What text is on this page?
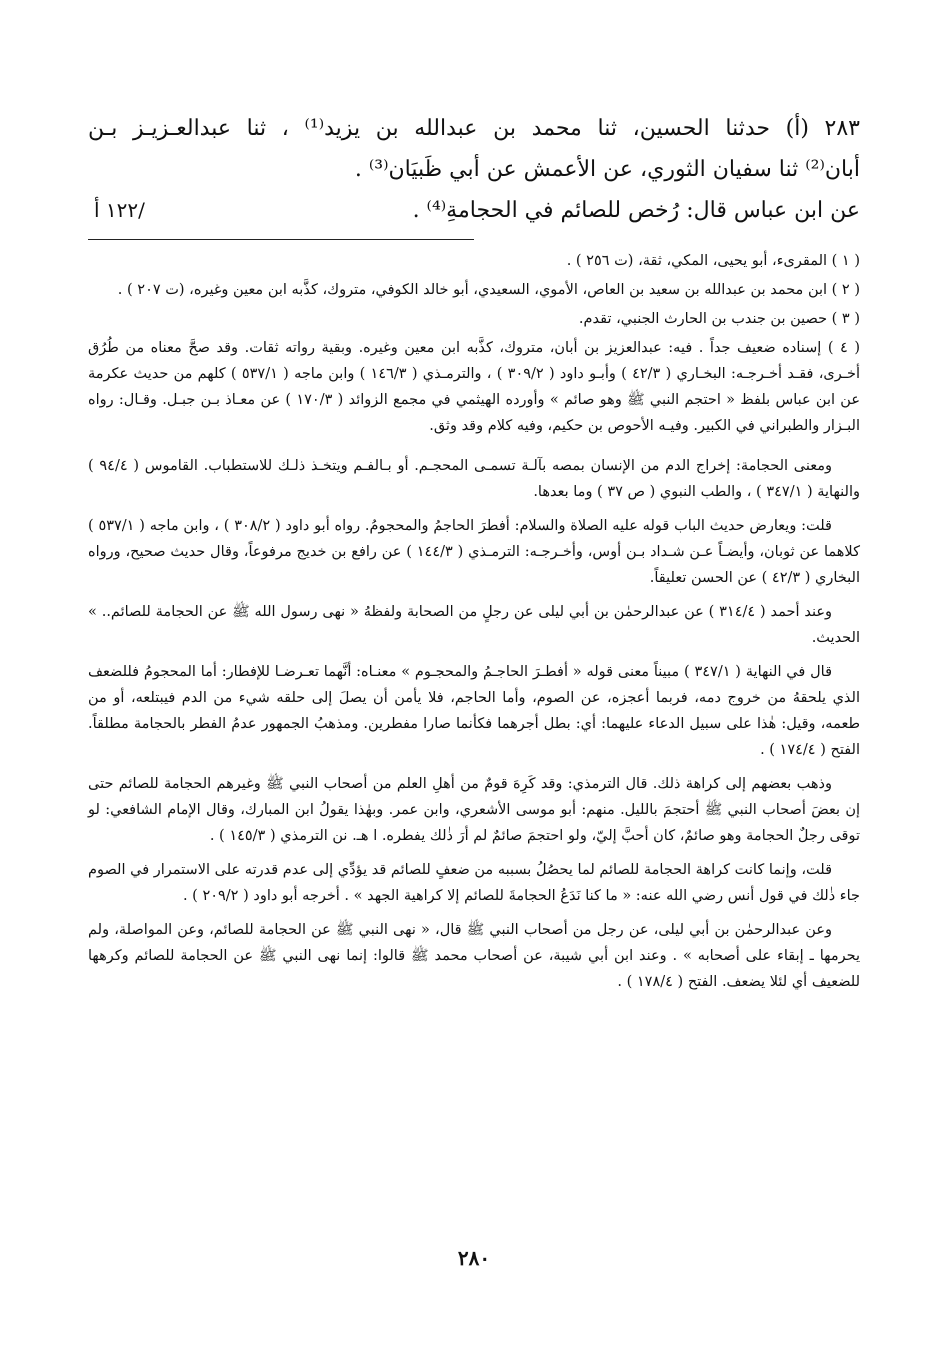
٢٨٣ (أ) حدثنا الحسين، ثنا محمد بن عبدالله بن يزيد⁽¹⁾ ، ثنا عبدالعـزيـز بـن
أبان⁽²⁾ ثنا سفيان الثوري، عن الأعمش عن أبي ظَبيَان⁽³⁾ .
عن ابن عباس قال: رُخص للصائم في الحجامةِ⁽⁴⁾ .
/١٢٢ أ

( ١ ) المقرىء، أبو يحيى، المكي، ثقة، (ت ٢٥٦ ) .

( ٢ ) ابن محمد بن عبدالله بن سعيد بن العاص، الأموي، السعيدي، أبو خالد الكوفي، متروك، كذَّبه ابن معين وغيره، (ت ٢٠٧ ) .

( ٣ ) حصين بن جندب بن الحارث الجنبي، تقدم.

( ٤ ) إسناده ضعيف جداً . فيه: عبدالعزيز بن أبان، متروك، كذَّبه ابن معين وغيره. وبقية رواته ثقات. وقد صحَّ معناه من طُرُق أخـرى، فقـد أخـرجـه: البخـاري ( ٤٢/٣ ) وأبـو داود ( ٣٠٩/٢ ) ، والترمـذي ( ١٤٦/٣ ) وابن ماجه ( ٥٣٧/١ ) كلهم من حديث عكرمة عن ابن عباس بلفظ « احتجم النبي ﷺ وهو صائم » وأورده الهيثمي في مجمع الزوائد ( ١٧٠/٣ ) عن معـاذ بـن جبـل. وقـال: رواه البـزار والطبراني في الكبير. وفيـه الأحوص بن حكيم، وفيه كلام وقد وثق.

ومعنى الحجامة: إخراج الدم من الإنسان بمصه بآلـة تسمـى المحجـم. أو بـالفـم ويتخـذ ذلـك للاستطباب. القاموس ( ٩٤/٤ ) والنهاية ( ٣٤٧/١ ) ، والطب النبوي ( ص ٣٧ ) وما بعدها.

قلت: ويعارض حديث الباب قوله عليه الصلاة والسلام: أفطرَ الحاجمُ والمحجومُ. رواه أبو داود ( ٣٠٨/٢ ) ، وابن ماجه ( ٥٣٧/١ ) كلاهما عن ثوبان، وأيضـاً عـن شـداد بـن أوس، وأخـرجـه: الترمـذي ( ١٤٤/٣ ) عن رافع بن خديج مرفوعاً، وقال حديث صحيح، ورواه البخاري ( ٤٢/٣ ) عن الحسن تعليقاً.

وعند أحمد ( ٣١٤/٤ ) عن عبدالرحمٰن بن أبي ليلى عن رجلٍ من الصحابة ولفظهُ « نهى رسول الله ﷺ عن الحجامة للصائم.. » الحديث.

قال في النهاية ( ٣٤٧/١ ) مبيناً معنى قوله « أفطـرَ الحاجـمُ والمحجـوم » معنـاه: أنَّهما تعـرضـا للإفطار: أما المحجومُ فللضعف الذي يلحقهُ من خروج دمه، فربما أعجزه، عن الصوم، وأما الحاجم، فلا يأمن أن يصلَ إلى حلقه شيء من الدم فيبتلعه، أو من طعمه، وقيل: هٰذا على سبيل الدعاء عليهما: أي: بطل أجرهما فكأنما صارا مفطرين. ومذهبُ الجمهور عدمُ الفطر بالحجامة مطلقاً. الفتح ( ١٧٤/٤ ) .

وذهب بعضهم إلى كراهة ذلك. قال الترمذي: وقد كَرِهَ قومٌ من أهلِ العلم من أصحاب النبي ﷺ وغيرهم الحجامة للصائم حتى إن بعضَ أصحاب النبي ﷺ أحتجمَ بالليل. منهم: أبو موسى الأشعري، وابن عمر. وبهٰذا يقولُ ابن المبارك، وقال الإمام الشافعي: لو توقى رجلٌ الحجامة وهو صائمٌ، كان أحبَّ إليّ، ولو احتجمَ صائمٌ لم أرَ ذٰلك يفطره. ا هـ. نن الترمذي ( ١٤٥/٣ ) .

قلت، وإنما كانت كراهة الحجامة للصائم لما يحصُلُ بسببه من ضعفٍ للصائم قد يؤدِّي إلى عدم قدرته على الاستمرار في الصوم جاء ذٰلك في قول أنس رضي الله عنه: « ما كنا نَدَعُ الحجامةَ للصائم إلا كراهية الجهد » . أخرجه أبو داود ( ٢٠٩/٢ ) .

وعن عبدالرحمٰن بن أبي ليلى، عن رجل من أصحاب النبي ﷺ قال، « نهى النبي ﷺ عن الحجامة للصائم، وعن المواصلة، ولم يحرمها ـ إبقاء على أصحابه » . وعند ابن أبي شيبة، عن أصحاب محمد ﷺ قالوا: إنما نهى النبي ﷺ عن الحجامة للصائم وكرهها للضعيف أي لئلا يضعف. الفتح ( ١٧٨/٤ ) .

٢٨٠
